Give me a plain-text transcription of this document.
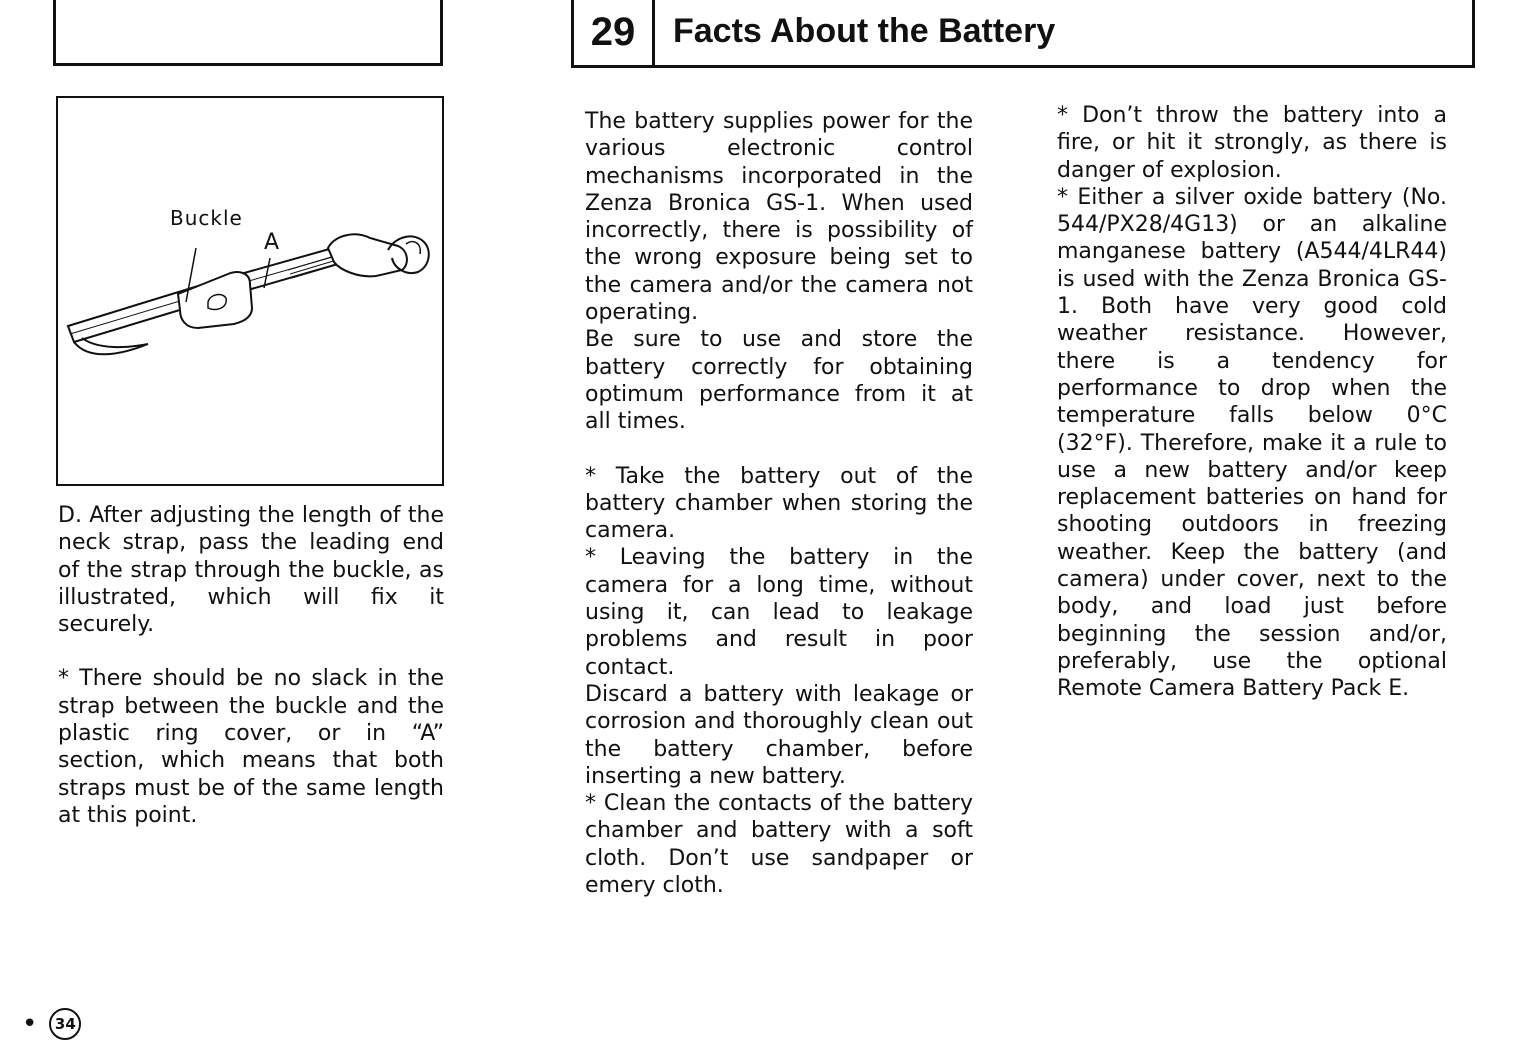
29	Facts About the Battery
Buckle
A

D. After adjusting the length of the neck strap, pass the leading end of the strap through the buckle, as illustrated, which will fix it securely.

* There should be no slack in the strap between the buckle and the plastic ring cover, or in “A” section, which means that both straps must be of the same length at this point.

The battery supplies power for the various electronic control mechanisms incorporated in the Zenza Bronica GS-1. When used incorrectly, there is possibility of the wrong exposure being set to the camera and/or the camera not operating.

Be sure to use and store the battery correctly for obtaining optimum performance from it at all times.

* Take the battery out of the battery chamber when storing the camera.

* Leaving the battery in the camera for a long time, without using it, can lead to leakage problems and result in poor contact.

Discard a battery with leakage or corrosion and thoroughly clean out the battery chamber, before inserting a new battery.

* Clean the contacts of the battery chamber and battery with a soft cloth. Don’t use sandpaper or emery cloth.

* Don’t throw the battery into a fire, or hit it strongly, as there is danger of explosion.

* Either a silver oxide battery (No. 544/PX28/4G13) or an alkaline manganese battery (A544/4LR44) is used with the Zenza Bronica GS-1. Both have very good cold weather resistance. However, there is a tendency for performance to drop when the temperature falls below 0°C (32°F). Therefore, make it a rule to use a new battery and/or keep replacement batteries on hand for shooting outdoors in freezing weather. Keep the battery (and camera) under cover, next to the body, and load just before beginning the session and/or, preferably, use the optional Remote Camera Battery Pack E.

•	34
